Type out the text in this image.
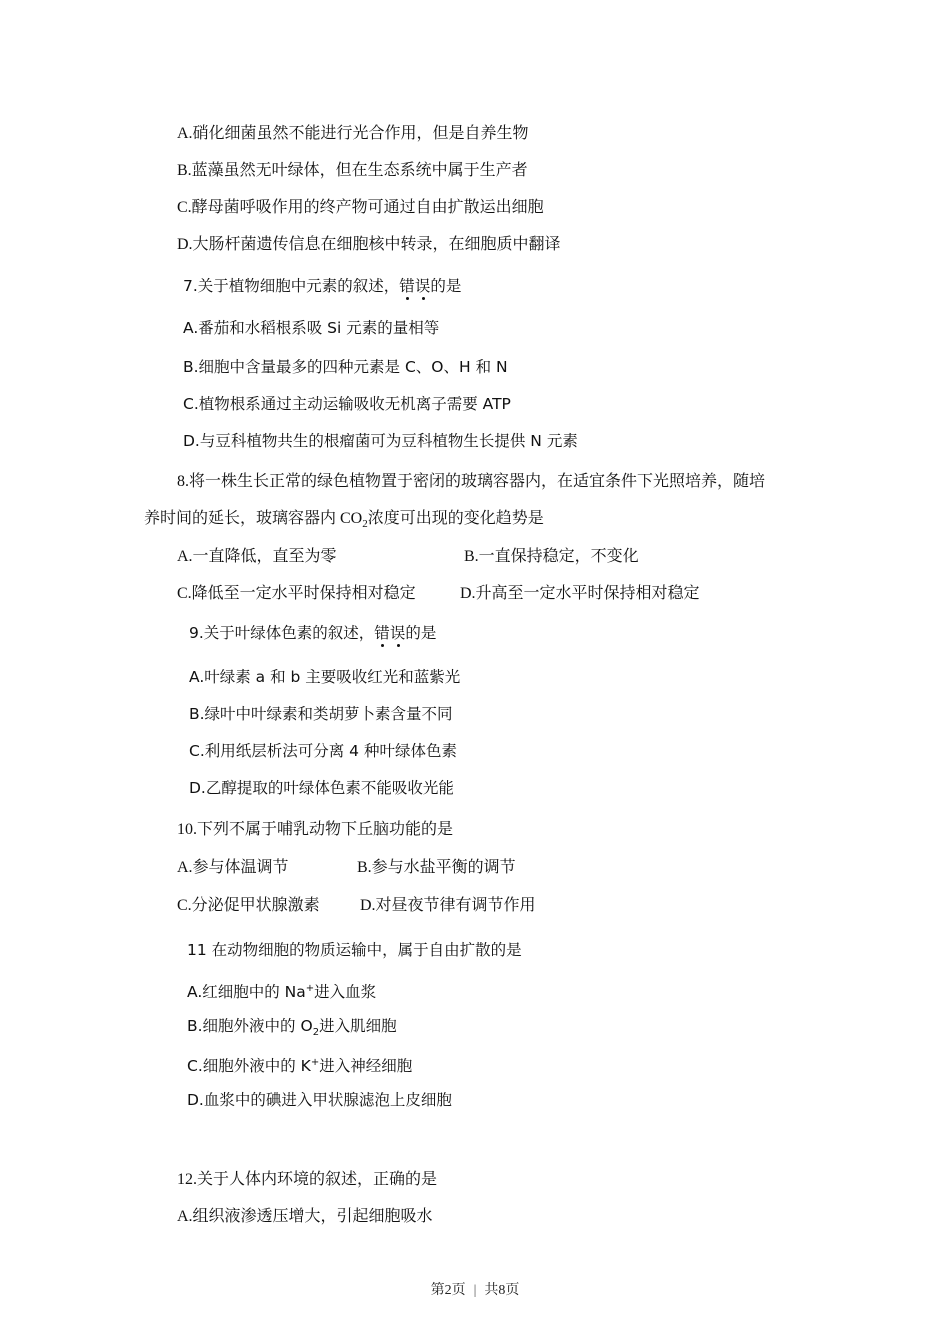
A.硝化细菌虽然不能进行光合作用，但是自养生物
B.蓝藻虽然无叶绿体，但在生态系统中属于生产者
C.酵母菌呼吸作用的终产物可通过自由扩散运出细胞
D.大肠杆菌遗传信息在细胞核中转录，在细胞质中翻译
7.关于植物细胞中元素的叙述，错误的是
A.番茄和水稻根系吸 Si 元素的量相等
B.细胞中含量最多的四种元素是 C、O、H 和 N
C.植物根系通过主动运输吸收无机离子需要 ATP
D.与豆科植物共生的根瘤菌可为豆科植物生长提供 N 元素
8.将一株生长正常的绿色植物置于密闭的玻璃容器内，在适宜条件下光照培养，随培
养时间的延长，玻璃容器内 $CO_2$浓度可出现的变化趋势是
A.一直降低，直至为零	B.一直保持稳定，不变化
C.降低至一定水平时保持相对稳定	D.升高至一定水平时保持相对稳定
9.关于叶绿体色素的叙述，错误的是
A.叶绿素 a 和 b 主要吸收红光和蓝紫光
B.绿叶中叶绿素和类胡萝卜素含量不同
C.利用纸层析法可分离 4 种叶绿体色素
D.乙醇提取的叶绿体色素不能吸收光能
10.下列不属于哺乳动物下丘脑功能的是
A.参与体温调节	B.参与水盐平衡的调节
C.分泌促甲状腺激素	D.对昼夜节律有调节作用
11 在动物细胞的物质运输中，属于自由扩散的是
A.红细胞中的 Na+进入血浆
B.细胞外液中的 $O_2$进入肌细胞
C.细胞外液中的 K+进入神经细胞
D.血浆中的碘进入甲状腺滤泡上皮细胞
12.关于人体内环境的叙述，正确的是
A.组织液渗透压增大，引起细胞吸水
第2页 | 共8页
